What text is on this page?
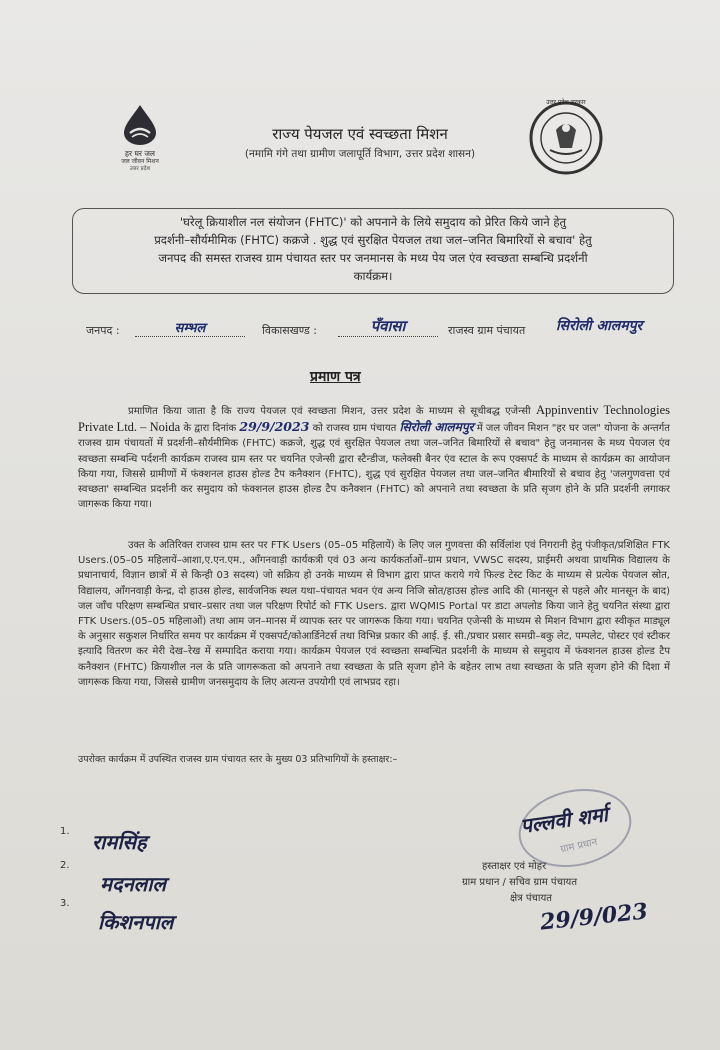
हर घर जल
जल जीवन मिशन
उत्तर प्रदेश
राज्य पेयजल एवं स्वच्छता मिशन
(नमामि गंगे तथा ग्रामीण जलापूर्ति विभाग, उत्तर प्रदेश शासन)
उत्तर प्रदेश सरकार
'घरेलू क्रियाशील नल संयोजन (FHTC)' को अपनाने के लिये समुदाय को प्रेरित किये जाने हेतु
प्रदर्शनी–सौर्यमीमिक (FHTC) कक्रजे . शुद्ध एवं सुरक्षित पेयजल तथा जल–जनित बिमारियों से बचाव' हेतु
जनपद की समस्त राजस्व ग्राम पंचायत स्तर पर जनमानस के मध्य पेय जल एंव स्वच्छता सम्बन्धि प्रदर्शनी
कार्यक्रम।
जनपद :	सम्भल	विकासखण्ड :	पँवासा	राजस्व ग्राम पंचायत सिरोली आलमपुर
प्रमाण पत्र

प्रमाणित किया जाता है कि राज्य पेयजल एवं स्वच्छता मिशन, उत्तर प्रदेश के माध्यम से सूचीबद्ध एजेन्सी Appinventiv Technologies Private Ltd. – Noida के द्वारा दिनांक 29/9/2023 को राजस्व ग्राम पंचायत सिरोली आलमपुर में जल जीवन मिशन "हर घर जल" योजना के अन्तर्गत राजस्व ग्राम पंचायतों में प्रदर्शनी–सौर्यमीमिक (FHTC) कक्रजे, शुद्ध एवं सुरक्षित पेयजल तथा जल–जनित बिमारियों से बचाव" हेतु जनमानस के मध्य पेयजल एंव स्वच्छता सम्बन्धि पर्दशनी कार्यक्रम राजस्व ग्राम स्तर पर चयनित एजेन्सी द्वारा स्टैन्डीज, फलेक्सी बैनर एंव स्टाल के रूप एक्सपर्ट के माध्यम से कार्यक्रम का आयोजन किया गया, जिससे ग्रामीणों में फंक्शनल हाउस होल्ड टैप कनैक्शन (FHTC), शुद्ध एवं सुरक्षित पेयजल तथा जल–जनित बीमारियों से बचाव हेतु 'जलगुणवत्ता एवं स्वच्छता' सम्बन्धित प्रदर्शनी कर समुदाय को फंक्शनल हाउस होल्ड टैप कनैक्शन (FHTC) को अपनाने तथा स्वच्छता के प्रति सृजग होने के प्रति प्रदर्शनी लगाकर जागरूक किया गया।

उक्त के अतिरिक्त राजस्व ग्राम स्तर पर FTK Users (05–05 महिलायें) के लिए जल गुणवत्ता की सर्विलांश एवं निगरानी हेतु पंजीकृत/प्रशिक्षित FTK Users.(05–05 महिलायें–आशा,ए.एन.एम., आँगनवाड़ी कार्यकत्री एवं 03 अन्य कार्यकर्ताओं–ग्राम प्रधान, VWSC सदस्य, प्राईमरी अथवा प्राथमिक विद्यालय के प्रधानाचार्य, विज्ञान छात्रों में से किन्ही 03 सदस्य) जो सक्रिय हो उनके माध्यम से विभाग द्वारा प्राप्त कराये गये फिल्ड टेस्ट किट के माध्यम से प्रत्येक पेयजल स्रोत, विद्यालय, आँगनवाड़ी केन्द्र, दो हाउस होल्ड, सार्वजनिक स्थल यथा–पंचायत भवन एंव अन्य निजि स्रोत/हाउस होल्ड आदि की (मानसून से पहले और मानसून के बाद) जल जाँच परिक्षण सम्बन्धित प्रचार–प्रसार तथा जल परिक्षण रिपोर्ट को FTK Users. द्वारा WQMIS Portal पर डाटा अपलोड किया जाने हेतु चयनित संस्था द्वारा FTK Users.(05–05 महिलाओं) तथा आम जन–मानस में व्यापक स्तर पर जागरूक किया गया। चयनित एजेन्सी के माध्यम से मिशन विभाग द्वारा स्वीकृत माड्यूल के अनुसार सकुशल निर्धारित समय पर कार्यक्रम में एक्सपर्ट/कोआर्डिनेटर्स तथा विभिन्न प्रकार की आई. ई. सी./प्रचार प्रसार समग्री–बकु लेट, पम्पलेट, पोस्टर एवं स्टीकर इत्यादि वितरण कर मेरी देख–रेख में सम्पादित कराया गया। कार्यक्रम पेयजल एवं स्वच्छता सम्बन्धित प्रदर्शनी के माध्यम से समुदाय में फंक्शनल हाउस होल्ड टैप कनैक्शन (FHTC) क्रियाशील नल के प्रति जागरूकता को अपनाने तथा स्वच्छता के प्रति सृजग होने के बहेतर लाभ तथा स्वच्छता के प्रति सृजग होने की दिशा में जागरूक किया गया, जिससे ग्रामीण जनसमुदाय के लिए अत्यन्त उपयोगी एवं लाभप्रद रहा।

उपरोक्त कार्यक्रम में उपस्थित राजस्व ग्राम पंचायत स्तर के मुख्य 03 प्रतिभागियों के हस्ताक्षर:–

1. रामसिंह
2.
मदनलाल
3.
किशनपाल
ग्राम प्रधान
पल्लवी शर्मा
हस्ताक्षर एवं मोहर
ग्राम प्रधान / सचिव ग्राम पंचायत
क्षेत्र पंचायत
29/9/023
